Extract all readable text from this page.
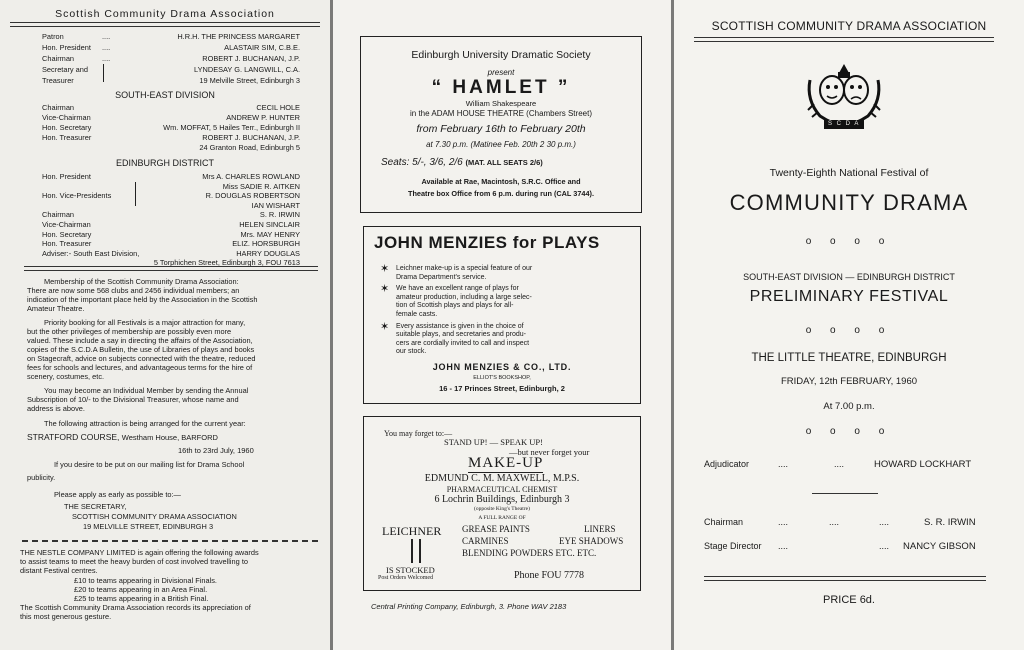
Scottish Community Drama Association
Patron	....	H.R.H. THE PRINCESS MARGARET
Hon. President ....	ALASTAIR SIM, C.B.E.
Chairman	....	ROBERT J. BUCHANAN, J.P.
Secretary and	LYNDESAY G. LANGWILL, C.A.
Treasurer	19 Melville Street, Edinburgh 3
SOUTH-EAST DIVISION
Chairman	CECIL HOLE
Vice-Chairman	ANDREW P. HUNTER
Hon. Secretary	Wm. MOFFAT, 5 Hailes Terr., Edinburgh II
Hon. Treasurer	ROBERT J. BUCHANAN, J.P.
24 Granton Road, Edinburgh 5
EDINBURGH DISTRICT
Hon. President	Mrs A. CHARLES ROWLAND
Miss SADIE R. AITKEN
Hon. Vice-Presidents	R. DOUGLAS ROBERTSON
IAN WISHART
Chairman	S. R. IRWIN
Vice-Chairman	HELEN SINCLAIR
Hon. Secretary	Mrs. MAY HENRY
Hon. Treasurer	ELIZ. HORSBURGH
Adviser:- South East Division,	HARRY DOUGLAS
5 Torphichen Street, Edinburgh 3, FOU 7613
Membership of the Scottish Community Drama Association:
There are now some 568 clubs and 2456 individual members; an
indication of the important place held by the Association in the Scottish
Amateur Theatre.
Priority booking for all Festivals is a major attraction for many,
but the other privileges of membership are possibly even more
valued. These include a say in directing the affairs of the Association,
copies of the S.C.D.A Bulletin, the use of Libraries of plays and books
on Stagecraft, advice on subjects connected with the theatre, reduced
fees for schools and lectures, and advantageous terms for the hire of
scenery, costumes, etc.
You may become an Individual Member by sending the Annual
Subscription of 10/- to the Divisional Treasurer, whose name and
address is above.
The following attraction is being arranged for the current year:
If you desire to be put on our mailing list for Drama School
publicity.
Please apply as early as possible to:—
THE SECRETARY,
SCOTTISH COMMUNITY DRAMA ASSOCIATION
19 MELVILLE STREET, EDINBURGH 3
STRATFORD COURSE, Westham House, BARFORD
16th to 23rd July, 1960
THE NESTLE COMPANY LIMITED is again offering the following awards
to assist teams to meet the heavy burden of cost involved travelling to
distant Festival centres.
£10 to teams appearing in Divisional Finals.
£20 to teams appearing in an Area Final.
£25 to teams appearing in a British Final.
The Scottish Community Drama Association records its appreciation of
this most generous gesture.
Edinburgh University Dramatic Society
present
“ HAMLET ”
William Shakespeare
in the ADAM HOUSE THEATRE (Chambers Street)
from February 16th to February 20th
at 7.30 p.m. (Matinee Feb. 20th 2 30 p.m.)
Seats: 5/-, 3/6, 2/6 (MAT. ALL SEATS 2/6)
Available at Rae, Macintosh, S.R.C. Office and
Theatre box Office from 6 p.m. during run (CAL 3744).
JOHN MENZIES for PLAYS
✶ Leichner make-up is a special feature of our
Drama Department's service.
✶ We have an excellent range of plays for
amateur production, including a large selec-
tion of Scottish plays and plays for all-
female casts.
✶ Every assistance is given in the choice of
suitable plays, and secretaries and produ-
cers are cordially invited to call and inspect
our stock.
JOHN MENZIES & CO., LTD.
ELLIOT'S BOOKSHOP,
16 - 17 Princes Street, Edinburgh, 2
You may forget to:—
STAND UP! — SPEAK UP!
—but never forget your
MAKE-UP
EDMUND C. M. MAXWELL, M.P.S.
PHARMACEUTICAL CHEMIST
6 Lochrin Buildings, Edinburgh 3
(opposite King's Theatre)
A FULL RANGE OF
LEICHNER GREASE PAINTS	LINERS
CARMINES	EYE SHADOWS
BLENDING POWDERS ETC. ETC.
IS STOCKED
Post Orders Welcomed	Phone FOU 7778
Central Printing Company, Edinburgh, 3. Phone WAV 2183
SCOTTISH COMMUNITY DRAMA ASSOCIATION
S C D A
Twenty-Eighth National Festival of
COMMUNITY DRAMA
o o o o
SOUTH-EAST DIVISION — EDINBURGH DISTRICT
PRELIMINARY FESTIVAL
o o o o
THE LITTLE THEATRE, EDINBURGH
FRIDAY, 12th FEBRUARY, 1960
At 7.00 p.m.
o o o o
Adjudicator	....	....	HOWARD LOCKHART
Chairman	....	....	....	S. R. IRWIN
Stage Director ....	.... NANCY GIBSON
PRICE 6d.
